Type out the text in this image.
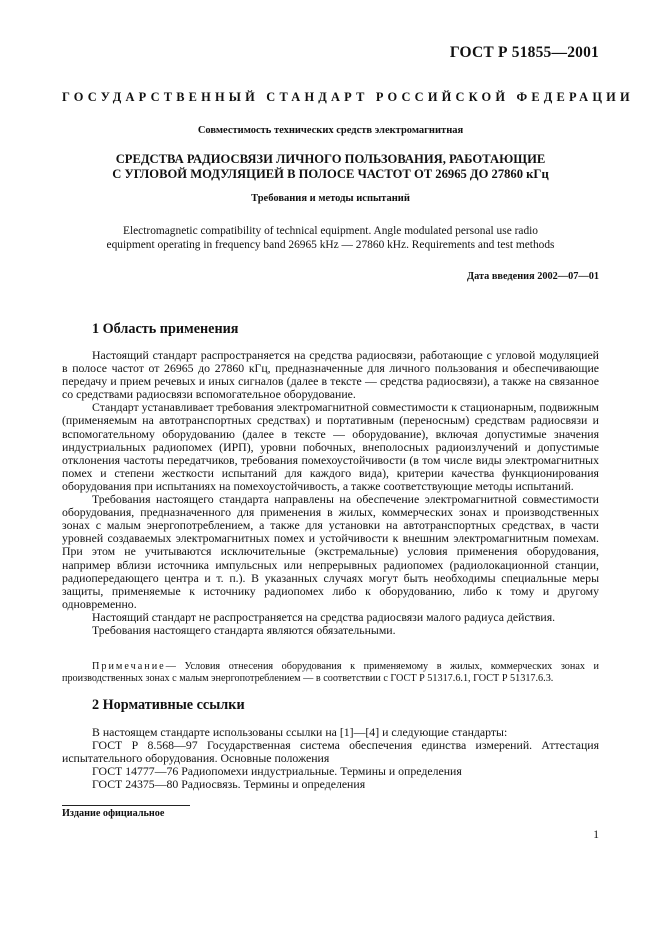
ГОСТ Р 51855—2001
ГОСУДАРСТВЕННЫЙ СТАНДАРТ РОССИЙСКОЙ ФЕДЕРАЦИИ
Совместимость технических средств электромагнитная
СРЕДСТВА РАДИОСВЯЗИ ЛИЧНОГО ПОЛЬЗОВАНИЯ, РАБОТАЮЩИЕ
С УГЛОВОЙ МОДУЛЯЦИЕЙ В ПОЛОСЕ ЧАСТОТ ОТ 26965 ДО 27860 кГц
Требования и методы испытаний
Electromagnetic compatibility of technical equipment. Angle modulated personal use radio
equipment operating in frequency band 26965 kHz — 27860 kHz. Requirements and test methods
Дата введения 2002—07—01
1 Область применения

Настоящий стандарт распространяется на средства радиосвязи, работающие с угловой модуляцией в полосе частот от 26965 до 27860 кГц, предназначенные для личного пользования и обеспечивающие передачу и прием речевых и иных сигналов (далее в тексте — средства радиосвязи), а также на связанное со средствами радиосвязи вспомогательное оборудование.

Стандарт устанавливает требования электромагнитной совместимости к стационарным, подвижным (применяемым на автотранспортных средствах) и портативным (переносным) средствам радиосвязи и вспомогательному оборудованию (далее в тексте — оборудование), включая допустимые значения индустриальных радиопомех (ИРП), уровни побочных, внеполосных радиоизлучений и допустимые отклонения частоты передатчиков, требования помехоустойчивости (в том числе виды электромагнитных помех и степени жесткости испытаний для каждого вида), критерии качества функционирования оборудования при испытаниях на помехоустойчивость, а также соответствующие методы испытаний.

Требования настоящего стандарта направлены на обеспечение электромагнитной совместимости оборудования, предназначенного для применения в жилых, коммерческих зонах и производственных зонах с малым энергопотреблением, а также для установки на автотранспортных средствах, в части уровней создаваемых электромагнитных помех и устойчивости к внешним электромагнитным помехам. При этом не учитываются исключительные (экстремальные) условия применения оборудования, например вблизи источника импульсных или непрерывных радиопомех (радиолокационной станции, радиопередающего центра и т. п.). В указанных случаях могут быть необходимы специальные меры защиты, применяемые к источнику радиопомех либо к оборудованию, либо к тому и другому одновременно.

Настоящий стандарт не распространяется на средства радиосвязи малого радиуса действия.

Требования настоящего стандарта являются обязательными.

Примечание— Условия отнесения оборудования к применяемому в жилых, коммерческих зонах и производственных зонах с малым энергопотреблением — в соответствии с ГОСТ Р 51317.6.1, ГОСТ Р 51317.6.3.
2 Нормативные ссылки

В настоящем стандарте использованы ссылки на [1]—[4] и следующие стандарты:

ГОСТ Р 8.568—97 Государственная система обеспечения единства измерений. Аттестация испытательного оборудования. Основные положения

ГОСТ 14777—76 Радиопомехи индустриальные. Термины и определения

ГОСТ 24375—80 Радиосвязь. Термины и определения

Издание официальное
1
